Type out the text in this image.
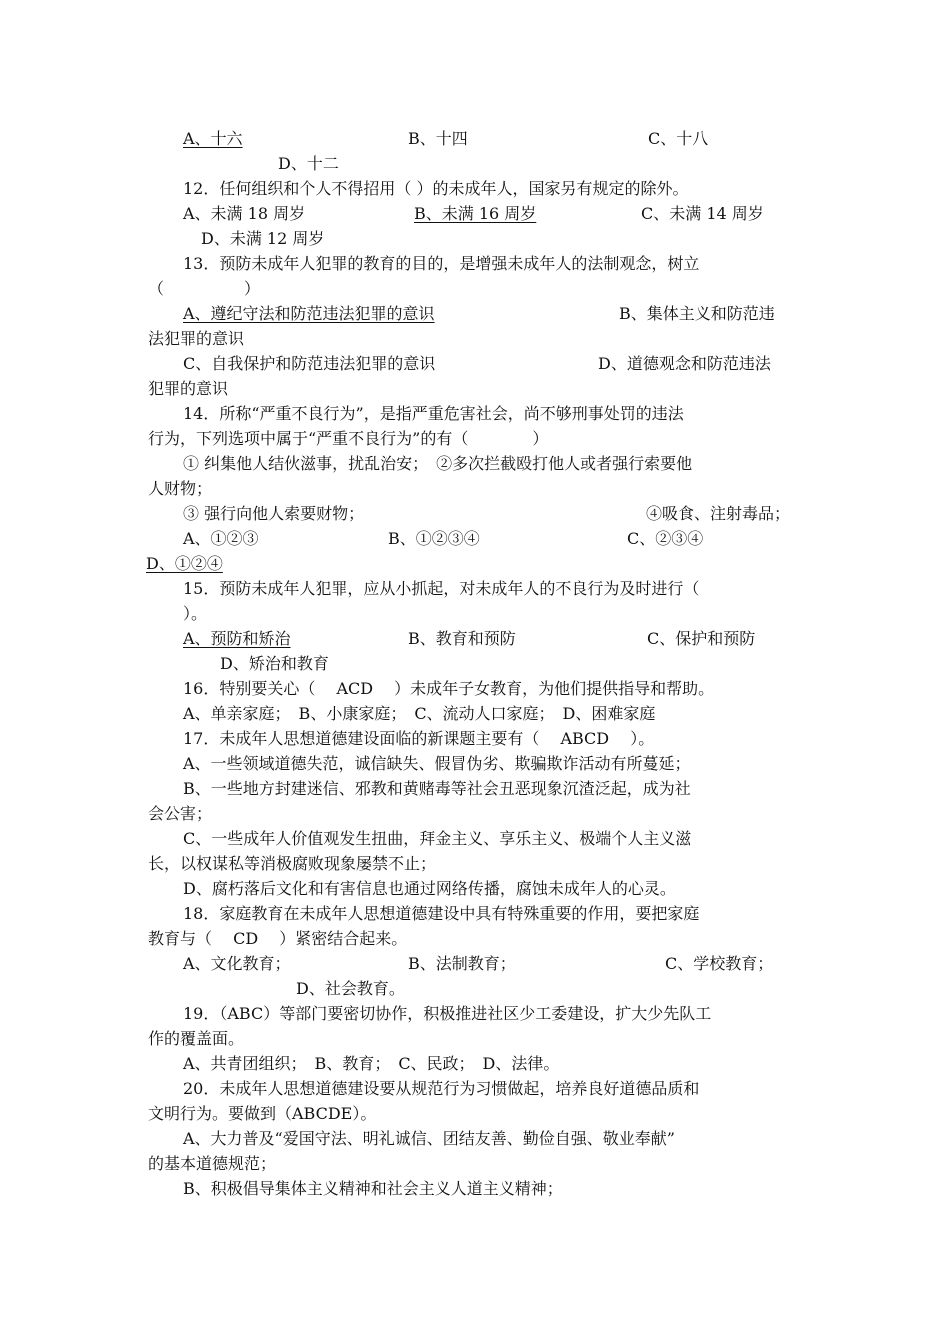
A、十六	B、十四	C、十八
D、十二
12．任何组织和个人不得招用（ ）的未成年人，国家另有规定的除外。
A、未满 18 周岁	B、未满 16 周岁	C、未满 14 周岁
D、未满 12 周岁
13．预防未成年人犯罪的教育的目的，是增强未成年人的法制观念，树立
（　　　　　）
A、遵纪守法和防范违法犯罪的意识	B、集体主义和防范违
法犯罪的意识
C、自我保护和防范违法犯罪的意识	D、道德观念和防范违法
犯罪的意识
14．所称“严重不良行为”，是指严重危害社会，尚不够刑事处罚的违法
行为，下列选项中属于“严重不良行为”的有（　　　　）
① 纠集他人结伙滋事，扰乱治安；　②多次拦截殴打他人或者强行索要他
人财物；
③ 强行向他人索要财物；	④吸食、注射毒品；
A、①②③	B、①②③④	C、②③④
D、①②④
15．预防未成年人犯罪，应从小抓起，对未成年人的不良行为及时进行（
）。
A、预防和矫治	B、教育和预防	C、保护和预防
D、矫治和教育
16．特别要关心（　 ACD　 ）未成年子女教育，为他们提供指导和帮助。
A、单亲家庭；　B、小康家庭；　C、流动人口家庭；　D、困难家庭
17．未成年人思想道德建设面临的新课题主要有（　 ABCD　 ）。
A、一些领域道德失范，诚信缺失、假冒伪劣、欺骗欺诈活动有所蔓延；
B、一些地方封建迷信、邪教和黄赌毒等社会丑恶现象沉渣泛起，成为社
会公害；
C、一些成年人价值观发生扭曲，拜金主义、享乐主义、极端个人主义滋
长，以权谋私等消极腐败现象屡禁不止；
D、腐朽落后文化和有害信息也通过网络传播，腐蚀未成年人的心灵。
18．家庭教育在未成年人思想道德建设中具有特殊重要的作用，要把家庭
教育与（　 CD　 ）紧密结合起来。
A、文化教育；	B、法制教育；	C、学校教育；
D、社会教育。
19．（ABC）等部门要密切协作，积极推进社区少工委建设，扩大少先队工
作的覆盖面。
A、共青团组织；　B、教育；　C、民政；　D、法律。
20．未成年人思想道德建设要从规范行为习惯做起，培养良好道德品质和
文明行为。要做到（ABCDE）。
A、大力普及“爱国守法、明礼诚信、团结友善、勤俭自强、敬业奉献”
的基本道德规范；
B、积极倡导集体主义精神和社会主义人道主义精神；
